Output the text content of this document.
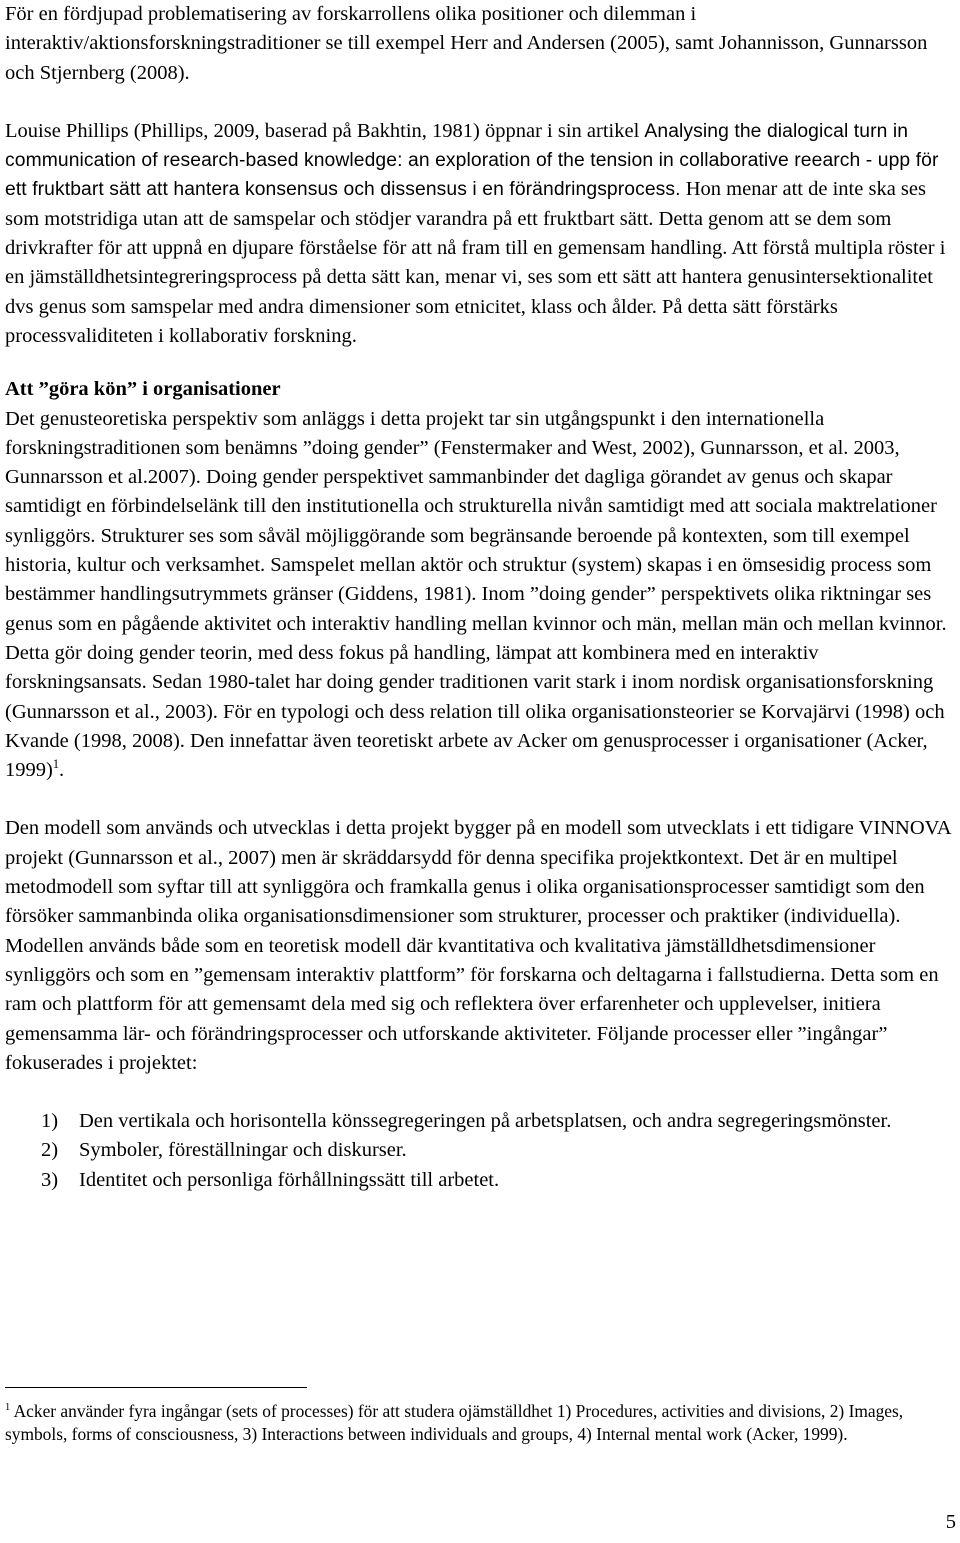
För en fördjupad problematisering av forskarrollens olika positioner och dilemman i interaktiv/aktionsforskningstraditioner se till exempel Herr and Andersen (2005), samt Johannisson, Gunnarsson och Stjernberg (2008).

Louise Phillips (Phillips, 2009, baserad på Bakhtin, 1981) öppnar i sin artikel Analysing the dialogical turn in communication of research-based knowledge: an exploration of the tension in collaborative reearch - upp för ett fruktbart sätt att hantera konsensus och dissensus i en förändringsprocess. Hon menar att de inte ska ses som motstridiga utan att de samspelar och stödjer varandra på ett fruktbart sätt. Detta genom att se dem som drivkrafter för att uppnå en djupare förståelse för att nå fram till en gemensam handling. Att förstå multipla röster i en jämställdhetsintegreringsprocess på detta sätt kan, menar vi, ses som ett sätt att hantera genusintersektionalitet dvs genus som samspelar med andra dimensioner som etnicitet, klass och ålder. På detta sätt förstärks processvaliditeten i kollaborativ forskning.

Att ”göra kön” i organisationer

Det genusteoretiska perspektiv som anläggs i detta projekt tar sin utgångspunkt i den internationella forskningstraditionen som benämns ”doing gender” (Fenstermaker and West, 2002), Gunnarsson, et al. 2003, Gunnarsson et al.2007). Doing gender perspektivet sammanbinder det dagliga görandet av genus och skapar samtidigt en förbindelselänk till den institutionella och strukturella nivån samtidigt med att sociala maktrelationer synliggörs. Strukturer ses som såväl möjliggörande som begränsande beroende på kontexten, som till exempel historia, kultur och verksamhet. Samspelet mellan aktör och struktur (system) skapas i en ömsesidig process som bestämmer handlingsutrymmets gränser (Giddens, 1981). Inom ”doing gender” perspektivets olika riktningar ses genus som en pågående aktivitet och interaktiv handling mellan kvinnor och män, mellan män och mellan kvinnor. Detta gör doing gender teorin, med dess fokus på handling, lämpat att kombinera med en interaktiv forskningsansats. Sedan 1980-talet har doing gender traditionen varit stark i inom nordisk organisationsforskning (Gunnarsson et al., 2003). För en typologi och dess relation till olika organisationsteorier se Korvajärvi (1998) och Kvande (1998, 2008). Den innefattar även teoretiskt arbete av Acker om genusprocesser i organisationer (Acker, 1999)$^1$.

Den modell som används och utvecklas i detta projekt bygger på en modell som utvecklats i ett tidigare VINNOVA projekt (Gunnarsson et al., 2007) men är skräddarsydd för denna specifika projektkontext. Det är en multipel metodmodell som syftar till att synliggöra och framkalla genus i olika organisationsprocesser samtidigt som den försöker sammanbinda olika organisationsdimensioner som strukturer, processer och praktiker (individuella). Modellen används både som en teoretisk modell där kvantitativa och kvalitativa jämställdhetsdimensioner synliggörs och som en ”gemensam interaktiv plattform” för forskarna och deltagarna i fallstudierna. Detta som en ram och plattform för att gemensamt dela med sig och reflektera över erfarenheter och upplevelser, initiera gemensamma lär- och förändringsprocesser och utforskande aktiviteter. Följande processer eller ”ingångar” fokuserades i projektet:

1) Den vertikala och horisontella könssegregeringen på arbetsplatsen, och andra segregeringsmönster.
2) Symboler, föreställningar och diskurser.
3) Identitet och personliga förhållningssätt till arbetet.

$^1$ Acker använder fyra ingångar (sets of processes) för att studera ojämställdhet 1) Procedures, activities and divisions, 2) Images, symbols, forms of consciousness, 3) Interactions between individuals and groups, 4) Internal mental work (Acker, 1999).

5
